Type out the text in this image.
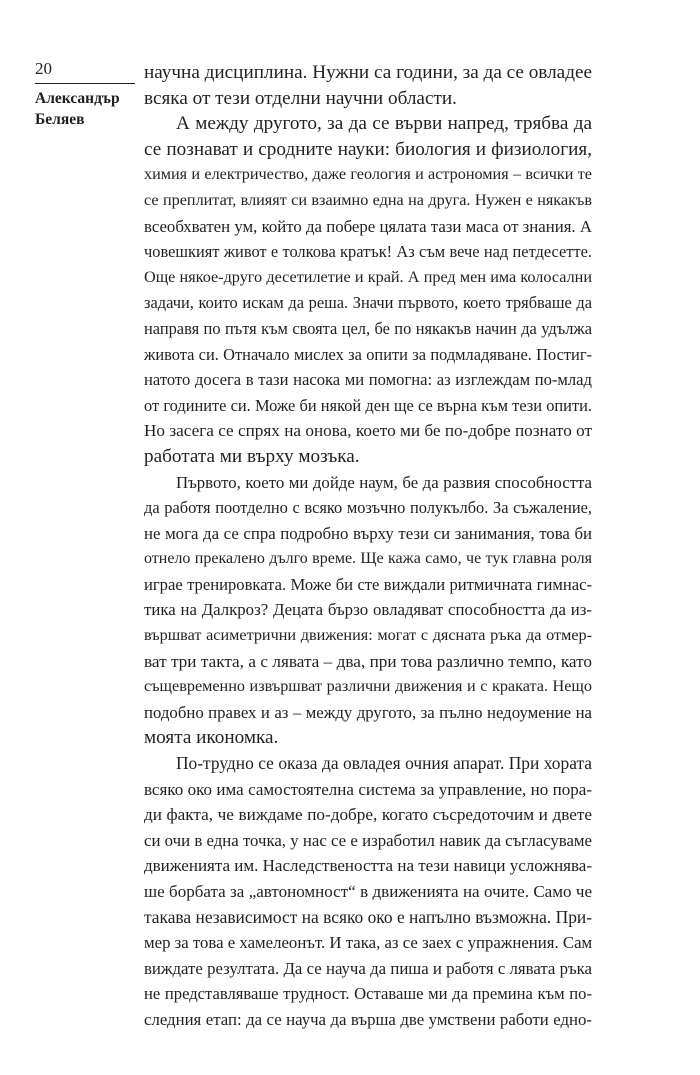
20
Александър
Беляев
научна дисциплина. Нужни са години, за да се овладее
всяка от тези отделни научни области.
А между другото, за да се върви напред, трябва да
се познават и сродните науки: биология и физиология,
химия и електричество, даже геология и астрономия – всички те
се преплитат, влияят си взаимно една на друга. Нужен е някакъв
всеобхватен ум, който да побере цялата тази маса от знания. А
човешкият живот е толкова кратък! Аз съм вече над петдесетте.
Още някое-друго десетилетие и край. А пред мен има колосални
задачи, които искам да реша. Значи първото, което трябваше да
направя по пътя към своята цел, бе по някакъв начин да удължа
живота си. Отначало мислех за опити за подмладяване. Постиг-
натото досега в тази насока ми помогна: аз изглеждам по-млад
от годините си. Може би някой ден ще се върна към тези опити.
Но засега се спрях на онова, което ми бе по-добре познато от
работата ми върху мозъка.
Първото, което ми дойде наум, бе да развия способността
да работя поотделно с всяко мозъчно полукълбо. За съжаление,
не мога да се спра подробно върху тези си занимания, това би
отнело прекалено дълго време. Ще кажа само, че тук главна роля
играе тренировката. Може би сте виждали ритмичната гимнас-
тика на Далкроз? Децата бързо овладяват способността да из-
вършват асиметрични движения: могат с дясната ръка да отмер-
ват три такта, а с лявата – два, при това различно темпо, като
същевременно извършват различни движения и с краката. Нещо
подобно правех и аз – между другото, за пълно недоумение на
моята икономка.
По-трудно се оказа да овладея очния апарат. При хората
всяко око има самостоятелна система за управление, но пора-
ди факта, че виждаме по-добре, когато съсредоточим и двете
си очи в една точка, у нас се е изработил навик да съгласуваме
движенията им. Наследствеността на тези навици усложнява-
ше борбата за „автономност“ в движенията на очите. Само че
такава независимост на всяко око е напълно възможна. При-
мер за това е хамелеонът. И така, аз се заех с упражнения. Сам
виждате резултата. Да се науча да пиша и работя с лявата ръка
не представляваше трудност. Оставаше ми да премина към по-
следния етап: да се науча да върша две умствени работи едно-
